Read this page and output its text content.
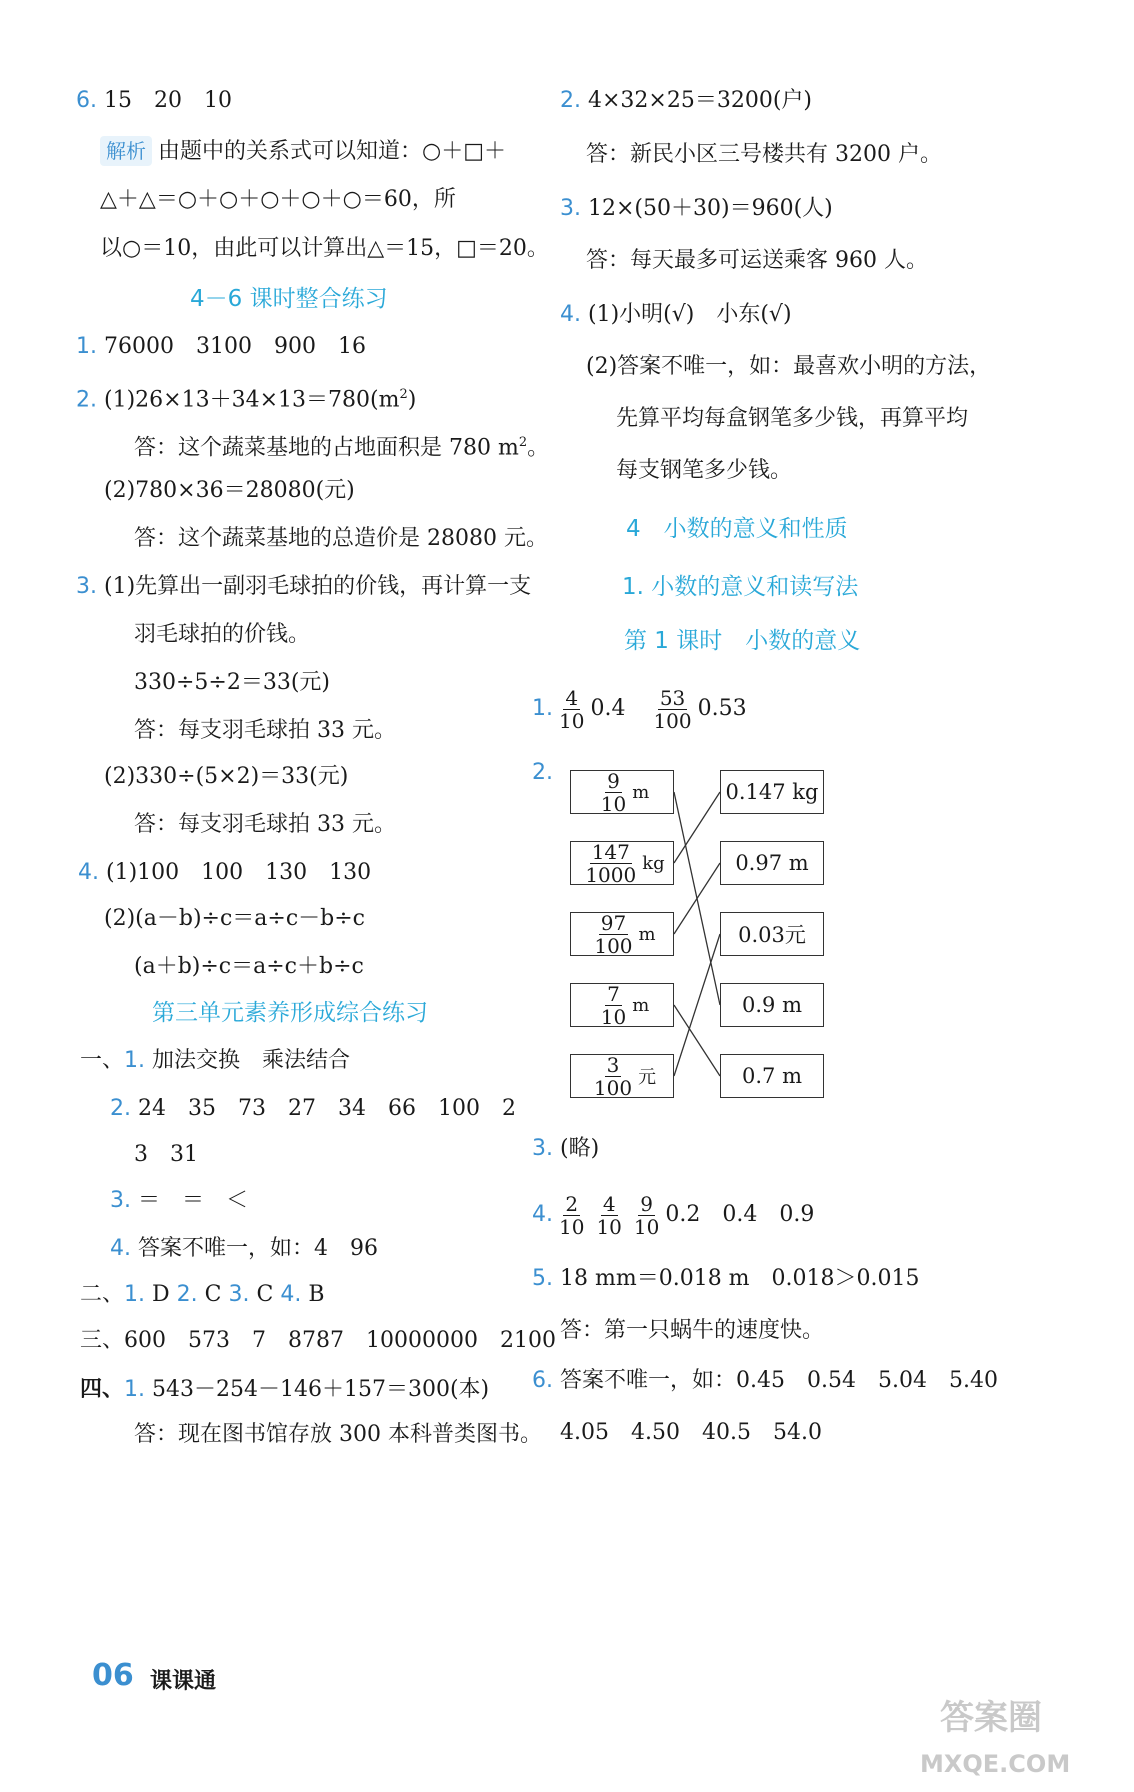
6. 15　20　10
解析 由题中的关系式可以知道：○＋□＋
△＋△＝○＋○＋○＋○＋○＝60，所
以○＝10，由此可以计算出△＝15，□＝20。
4－6 课时整合练习
1. 76000　3100　900　16
2. $(1)26\times 13+34\times 13=780(m^2)$
答：这个蔬菜基地的占地面积是 780 $m^2$。
(2)780×36＝28080(元)
答：这个蔬菜基地的总造价是 28080 元。
3. (1)先算出一副羽毛球拍的价钱，再计算一支
羽毛球拍的价钱。
330÷5÷2＝33(元)
答：每支羽毛球拍 33 元。
(2)330÷(5×2)＝33(元)
答：每支羽毛球拍 33 元。
4. (1)100　100　130　130
(2)(a－b)÷c＝a÷c－b÷c
(a＋b)÷c＝a÷c＋b÷c
第三单元素养形成综合练习
一、1. 加法交换　乘法结合
2. 24　35　73　27　34　66　100　2
3　31
3. ＝　＝　＜
4. 答案不唯一，如：4　96
二、1. D 2. C 3. C 4. B
三、600　573　7　8787　10000000　2100
四、1. 543－254－146＋157＝300(本)
答：现在图书馆存放 300 本科普类图书。
2. 4×32×25＝3200(户)
答：新民小区三号楼共有 3200 户。
3. 12×(50＋30)＝960(人)
答：每天最多可运送乘客 960 人。
4. (1)小明(√)　小东(√)
(2)答案不唯一，如：最喜欢小明的方法，
先算平均每盒钢笔多少钱，再算平均
每支钢笔多少钱。
4　小数的意义和性质
1. 小数的意义和读写法
第 1 课时　小数的意义
1. $\frac{4}{10} 0.4 \frac{53}{100} 0.53$
2. $\frac{9}{10}$ m
$\frac{147}{1000}$ kg
$\frac{97}{100}$ m
$\frac{7}{10}$ m
$\frac{3}{100}$ 元
0.147 kg
0.97 m
0.03元
0.9 m
0.7 m
3. (略)
4. $\frac{2}{10} \frac{4}{10} \frac{9}{10} 0.2$　0.4　0.9
5. 18 mm＝0.018 m　0.018＞0.015
答：第一只蜗牛的速度快。
6. 答案不唯一，如：0.45　0.54　5.04　5.40
4.05　4.50　40.5　54.0
06 课课通
答案圈
MXQE.COM
